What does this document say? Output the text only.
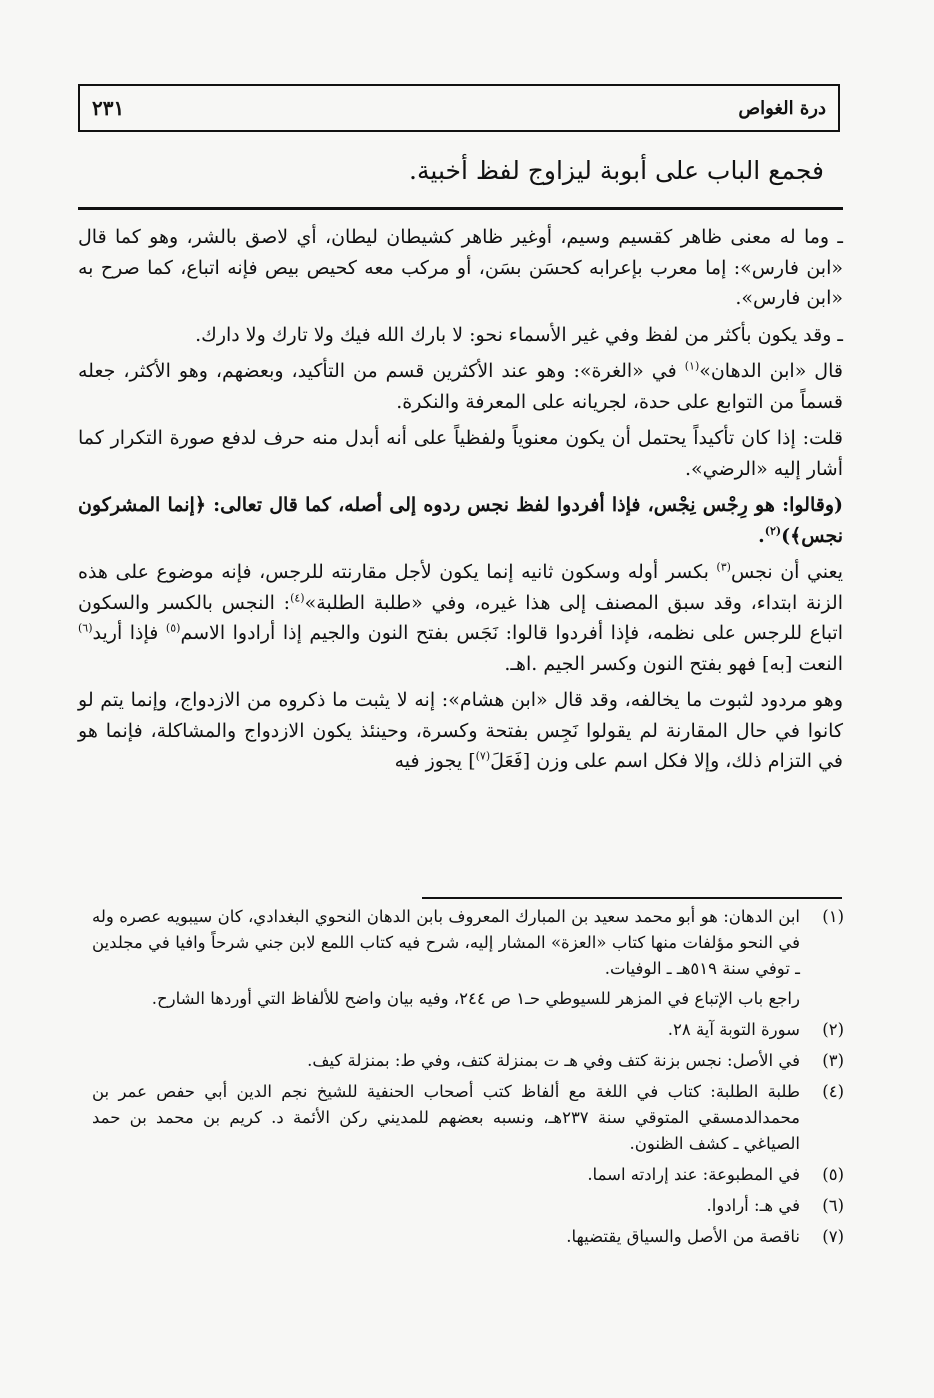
درة الغواص
٢٣١
فجمع الباب على أبوبة ليزاوج لفظ أخبية.

ـ وما له معنى ظاهر كقسيم وسيم، أوغير ظاهر كشيطان ليطان، أي لاصق بالشر، وهو كما قال «ابن فارس»: إما معرب بإعرابه كحسَن بسَن، أو مركب معه كحيص بيص فإنه اتباع، كما صرح به «ابن فارس».

ـ وقد يكون بأكثر من لفظ وفي غير الأسماء نحو: لا بارك الله فيك ولا تارك ولا دارك.

قال «ابن الدهان»$^{(١)}$ في «الغرة»: وهو عند الأكثرين قسم من التأكيد، وبعضهم، وهو الأكثر، جعله قسماً من التوابع على حدة، لجريانه على المعرفة والنكرة.

قلت: إذا كان تأكيداً يحتمل أن يكون معنوياً ولفظياً على أنه أبدل منه حرف لدفع صورة التكرار كما أشار إليه «الرضي».

(وقالوا: هو رِجْس نِجْس، فإذا أفردوا لفظ نجس ردوه إلى أصله، كما قال تعالى: ﴿إنما المشركون نجس﴾)$^{(٢)}$.

يعني أن نجس$^{(٣)}$ بكسر أوله وسكون ثانيه إنما يكون لأجل مقارنته للرجس، فإنه موضوع على هذه الزنة ابتداء، وقد سبق المصنف إلى هذا غيره، وفي «طلبة الطلبة»$^{(٤)}$: النجس بالكسر والسكون اتباع للرجس على نظمه، فإذا أفردوا قالوا: نَجَس بفتح النون والجيم إذا أرادوا الاسم$^{(٥)}$ فإذا أريد$^{(٦)}$ النعت [به] فهو بفتح النون وكسر الجيم .اهـ.

وهو مردود لثبوت ما يخالفه، وقد قال «ابن هشام»: إنه لا يثبت ما ذكروه من الازدواج، وإنما يتم لو كانوا في حال المقارنة لم يقولوا نَجِس بفتحة وكسرة، وحينئذ يكون الازدواج والمشاكلة، فإنما هو في التزام ذلك، وإلا فكل اسم على وزن [فَعَلَ$^{(٧)}$] يجوز فيه

(١)

ابن الدهان: هو أبو محمد سعيد بن المبارك المعروف بابن الدهان النحوي البغدادي، كان سيبويه عصره وله في النحو مؤلفات منها كتاب «العزة» المشار إليه، شرح فيه كتاب اللمع لابن جني شرحاً وافيا في مجلدين ـ توفي سنة ٥١٩هـ ـ الوفيات.

راجع باب الإتباع في المزهر للسيوطي حـ١ ص ٢٤٤، وفيه بيان واضح للألفاظ التي أوردها الشارح.

(٢)
سورة التوبة آية ٢٨.
(٣)
في الأصل: نجس بزنة كتف وفي هـ ت بمنزلة كتف، وفي ط: بمنزلة كيف.
(٤)
طلبة الطلبة: كتاب في اللغة مع ألفاظ كتب أصحاب الحنفية للشيخ نجم الدين أبي حفص عمر بن محمدالدمسقي المتوقي سنة ٢٣٧هـ، ونسبه بعضهم للمديني ركن الأئمة د. كريم بن محمد بن حمد الصياغي ـ كشف الظنون.
(٥)
في المطبوعة: عند إرادته اسما.
(٦)
في هـ: أرادوا.
(٧)
ناقصة من الأصل والسياق يقتضيها.
